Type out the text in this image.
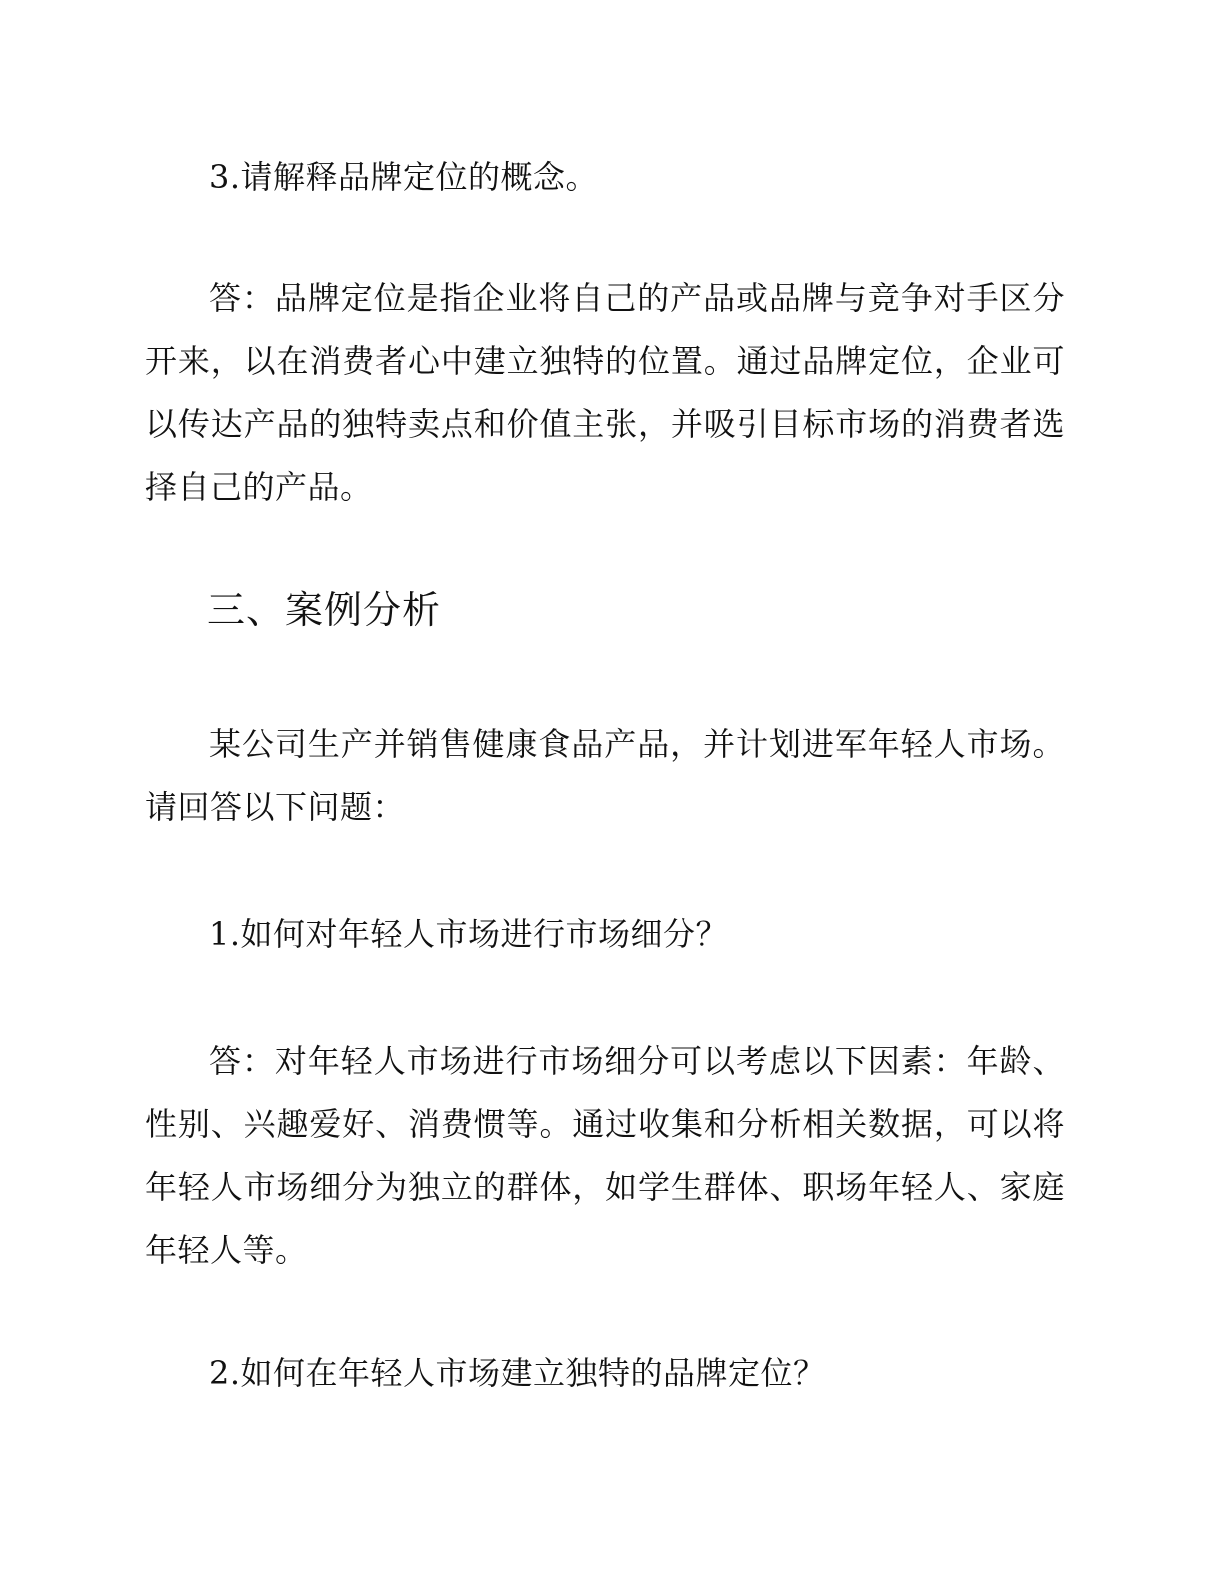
3.请解释品牌定位的概念。

答：品牌定位是指企业将自己的产品或品牌与竞争对手区分开来，以在消费者心中建立独特的位置。通过品牌定位，企业可以传达产品的独特卖点和价值主张，并吸引目标市场的消费者选择自己的产品。

三、案例分析

某公司生产并销售健康食品产品，并计划进军年轻人市场。请回答以下问题：

1.如何对年轻人市场进行市场细分？

答：对年轻人市场进行市场细分可以考虑以下因素：年龄、性别、兴趣爱好、消费惯等。通过收集和分析相关数据，可以将年轻人市场细分为独立的群体，如学生群体、职场年轻人、家庭年轻人等。

2.如何在年轻人市场建立独特的品牌定位？
